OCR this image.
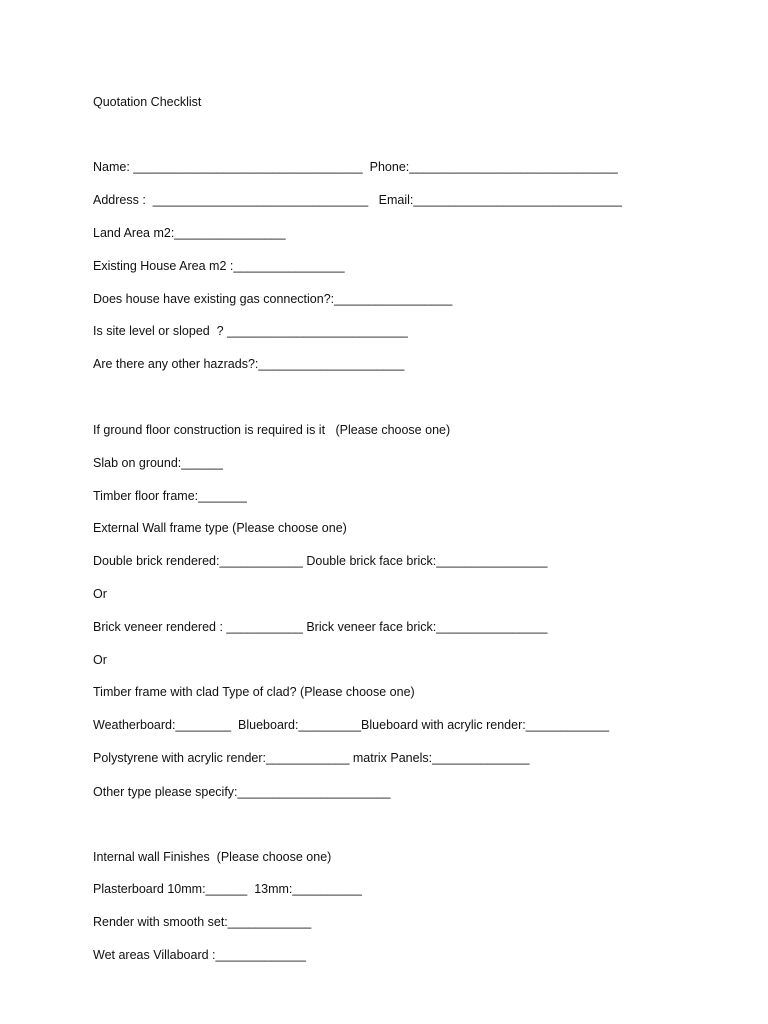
Quotation Checklist
Name: _________________________________  Phone:______________________________
Address :  _______________________________   Email:______________________________
Land Area m2:________________
Existing House Area m2 :________________
Does house have existing gas connection?:_________________
Is site level or sloped  ? __________________________
Are there any other hazrads?:_____________________
If ground floor construction is required is it   (Please choose one)
Slab on ground:______
Timber floor frame:_______
External Wall frame type (Please choose one)
Double brick rendered:____________ Double brick face brick:________________
Or
Brick veneer rendered : ___________ Brick veneer face brick:________________
Or
Timber frame with clad Type of clad? (Please choose one)
Weatherboard:________  Blueboard:_________Blueboard with acrylic render:____________
Polystyrene with acrylic render:____________ matrix Panels:______________
Other type please specify:______________________
Internal wall Finishes  (Please choose one)
Plasterboard 10mm:______  13mm:__________
Render with smooth set:____________
Wet areas Villaboard :_____________
